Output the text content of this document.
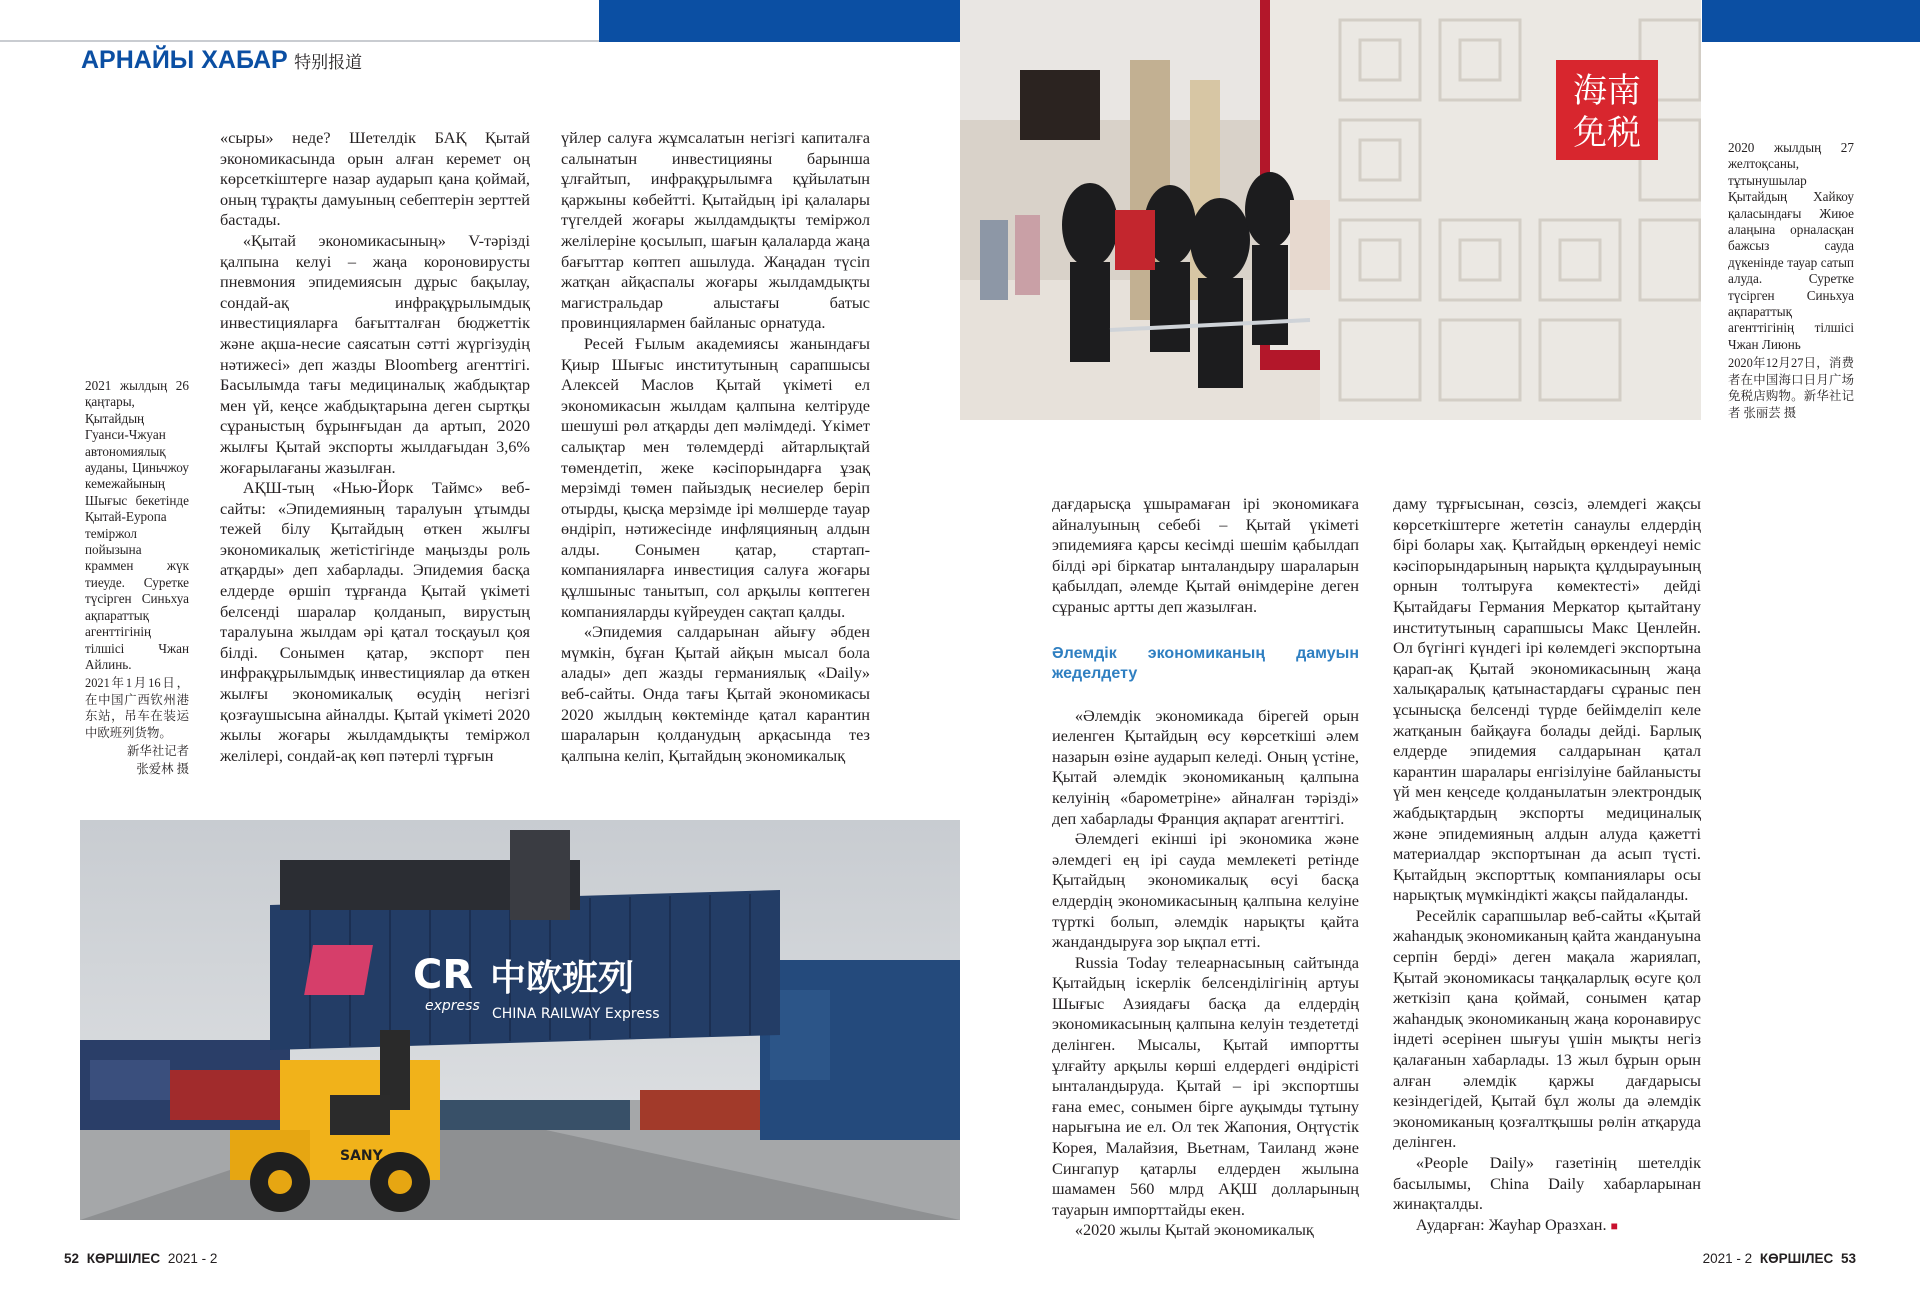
АРНАЙЫ ХАБАР 特别报道
海南
免税
CR
express
中欧班列
CHINA RAILWAY Express
SANY
2021 жылдың 26 қаңтары, Қытайдың Гуанси-Чжуан автономиялық ауданы, Циньчжоу кемежайының Шығыс бекетінде Қытай-Еуропа теміржол пойызына краммен жүк тиеуде. Суретке түсірген Синьхуа ақпараттық агенттігінің тілшісі Чжан Айлинь.
2021年1月16日，在中国广西钦州港东站，吊车在装运中欧班列货物。
新华社记者
张爱林 摄
2020 жылдың 27 желтоқсаны, тұтынушылар Қытайдың Хайкоу қаласындағы Жиюе алаңына орналасқан бажсыз сауда дүкенінде тауар сатып алуда. Суретке түсірген Синьхуа ақпараттық агенттігінің тілшісі Чжан Лиюнь
2020年12月27日，消费者在中国海口日月广场免税店购物。新华社记者 张丽芸 摄

«сыры» неде? Шетелдік БАҚ Қытай экономикасында орын алған керемет оң көрсеткіштерге назар аударып қана қоймай, оның тұрақты дамуының себептерін зерттей бастады.

«Қытай экономикасының» V-тәрізді қалпына келуі – жаңа короновирусты пневмония эпидемиясын дұрыс бақылау, сондай-ақ инфрақұрылымдық инвестицияларға бағытталған бюджеттік және ақша-несие саясатын сәтті жүргізудің нәтижесі» деп жазды Bloomberg агенттігі. Басылымда тағы медициналық жабдықтар мен үй, кеңсе жабдықтарына деген сыртқы сұраныстың бұрынғыдан да артып, 2020 жылғы Қытай экспорты жылдағыдан 3,6% жоғарылағаны жазылған.

АҚШ-тың «Нью-Йорк Таймс» веб-сайты: «Эпидемияның таралуын ұтымды тежей білу Қытайдың өткен жылғы экономикалық жетістігінде маңызды роль атқарды» деп хабарлады. Эпидемия басқа елдерде өршіп тұрғанда Қытай үкіметі белсенді шаралар қолданып, вирустың таралуына жылдам әрі қатал тосқауыл қоя білді. Сонымен қатар, экспорт пен инфрақұрылымдық инвестициялар да өткен жылғы экономикалық өсудің негізгі қозғаушысына айналды. Қытай үкіметі 2020 жылы жоғары жылдамдықты теміржол желілері, сондай-ақ көп пәтерлі тұрғын

үйлер салуға жұмсалатын негізгі капиталға салынатын инвестицияны барынша ұлғайтып, инфрақұрылымға құйылатын қаржыны көбейтті. Қытайдың ірі қалалары түгелдей жоғары жылдамдықты теміржол желілеріне қосылып, шағын қалаларда жаңа бағыттар көптеп ашылуда. Жаңадан түсіп жатқан айқаспалы жоғары жылдамдықты магистральдар алыстағы батыс провинциялармен байланыс орнатуда.

Ресей Ғылым академиясы жанындағы Қиыр Шығыс институтының сарапшысы Алексей Маслов Қытай үкіметі ел экономикасын жылдам қалпына келтіруде шешуші рөл атқарды деп мәлімдеді. Үкімет салықтар мен төлемдерді айтарлықтай төмендетіп, жеке кәсіпорындарға ұзақ мерзімді төмен пайыздық несиелер беріп отырды, қысқа мерзімде ірі мөлшерде тауар өндіріп, нәтижесінде инфляцияның алдын алды. Сонымен қатар, стартап-компанияларға инвестиция салуға жоғары құлшыныс танытып, сол арқылы көптеген компанияларды күйреуден сақтап қалды.

«Эпидемия салдарынан айығу әбден мүмкін, бұған Қытай айқын мысал бола алады» деп жазды германиялық «Daily» веб-сайты. Онда тағы Қытай экономикасы 2020 жылдың көктемінде қатал карантин шараларын қолданудың арқасында тез қалпына келіп, Қытайдың экономикалық

дағдарысқа ұшырамаған ірі экономикаға айналуының себебі – Қытай үкіметі эпидемияға қарсы кесімді шешім қабылдап білді әрі біркатар ынталандыру шараларын қабылдап, әлемде Қытай өнімдеріне деген сұраныс артты деп жазылған.

Әлемдік экономиканың дамуын жеделдету

«Әлемдік экономикада бірегей орын иеленген Қытайдың өсу көрсеткіші әлем назарын өзіне аударып келеді. Оның үстіне, Қытай әлемдік экономиканың қалпына келуінің «барометріне» айналған тәрізді» деп хабарлады Франция ақпарат агенттігі.

Әлемдегі екінші ірі экономика және әлемдегі ең ірі сауда мемлекеті ретінде Қытайдың экономикалық өсуі басқа елдердің экономикасының қалпына келуіне түрткі болып, әлемдік нарықты қайта жандандыруға зор ықпал етті.

Russia Today телеарнасының сайтында Қытайдың іскерлік белсенділігінің артуы Шығыс Азиядағы басқа да елдердің экономикасының қалпына келуін тездететді делінген. Мысалы, Қытай импортты ұлғайту арқылы көрші елдердегі өндірісті ынталандыруда. Қытай – ірі экспортшы ғана емес, сонымен бірге ауқымды тұтыну нарығына ие ел. Ол тек Жапония, Оңтүстік Корея, Малайзия, Вьетнам, Таиланд және Сингапур қатарлы елдерден жылына шамамен 560 млрд АҚШ долларының тауарын импорттайды екен.

«2020 жылы Қытай экономикалық

даму тұрғысынан, сөзсіз, әлемдегі жақсы көрсеткіштерге жететін санаулы елдердің бірі болары хақ. Қытайдың өркендеуі неміс кәсіпорындарының нарықта құлдырауының орнын толтыруға көмектесті» дейді Қытайдағы Германия Меркатор қытайтану институтының сарапшысы Макс Ценлейн. Ол бүгінгі күндегі ірі көлемдегі экспортына қарап-ақ Қытай экономикасының жаңа халықаралық қатынастардағы сұраныс пен ұсынысқа белсенді түрде бейімделіп келе жатқанын байқауға болады дейді. Барлық елдерде эпидемия салдарынан қатал карантин шаралары енгізілуіне байланысты үй мен кеңседе қолданылатын электрондық жабдықтардың экспорты медициналық және эпидемияның алдын алуда қажетті материалдар экспортынан да асып түсті. Қытайдың экспорттық компаниялары осы нарықтық мүмкіндікті жақсы пайдаланды.

Ресейлік сарапшылар веб-сайты «Қытай жаһандық экономиканың қайта жандануына серпін берді» деген мақала жариялап, Қытай экономикасы таңқаларлық өсуге қол жеткізіп қана қоймай, сонымен қатар жаһандық экономиканың жаңа коронавирус індеті әсерінен шығуы үшін мықты негіз қалағанын хабарлады. 13 жыл бұрын орын алған әлемдік қаржы дағдарысы кезіндегідей, Қытай бұл жолы да әлемдік экономиканың қозғалтқышы рөлін атқаруда делінген.

«People Daily» газетінің шетелдік басылымы, China Daily хабарларынан жинақталды.

Аударған: Жауһар Оразхан. ■

52 КӨРШІЛЕС 2021 - 2	2021 - 2 КӨРШІЛЕС 53
